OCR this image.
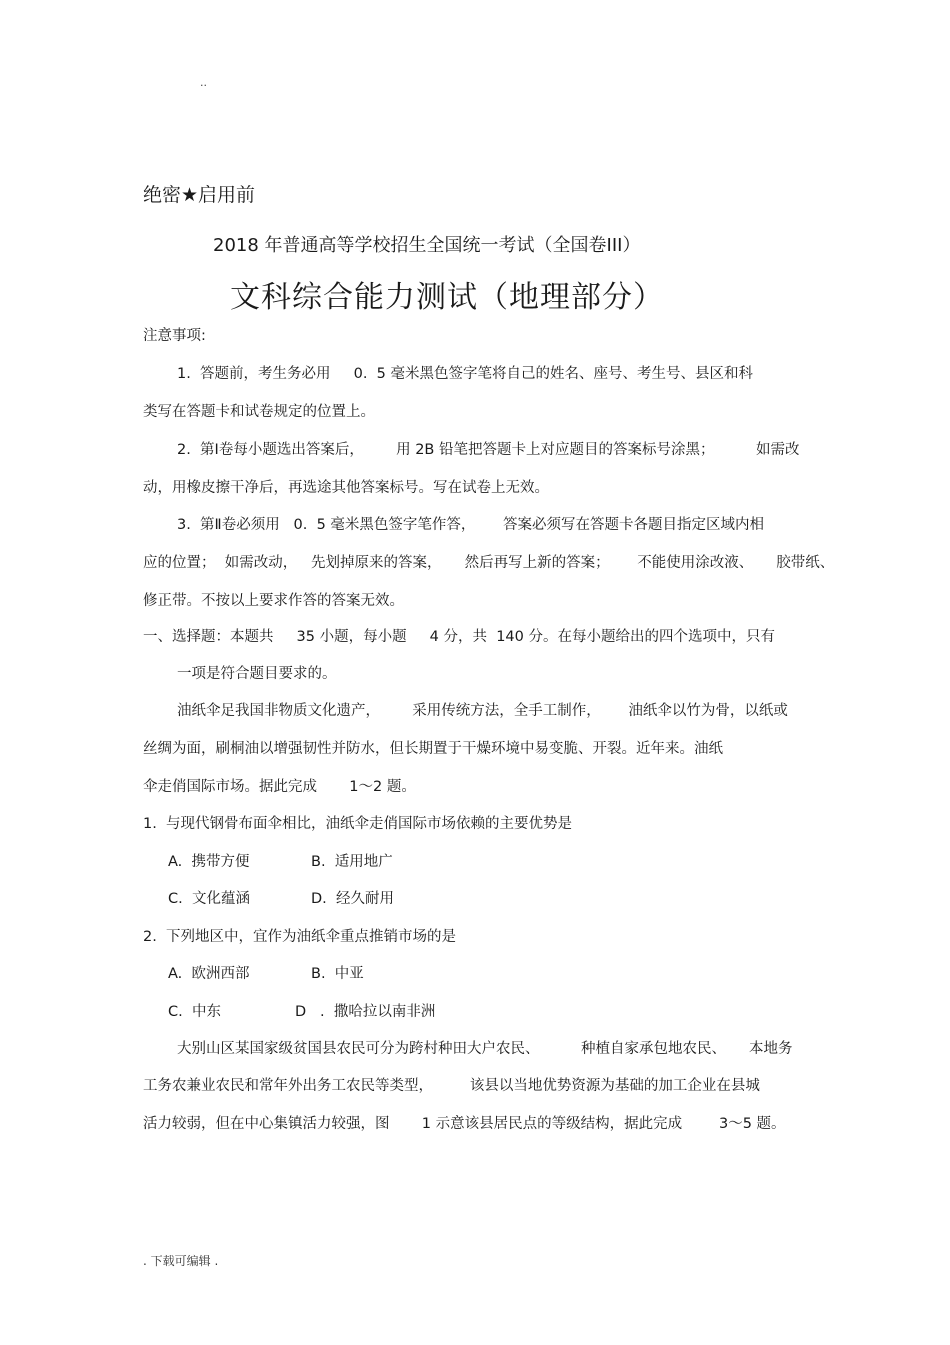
..
绝密★启用前
2018 年普通高等学校招生全国统一考试（全国卷III）
文科综合能力测试（地理部分）
注意事项:
1.  答题前，考生务必用     0.  5 毫米黑色签字笔将自己的姓名、座号、考生号、县区和科
类写在答题卡和试卷规定的位置上。
2.  第Ⅰ卷每小题选出答案后，       用 2B 铅笔把答题卡上对应题目的答案标号涂黑；         如需改
动，用橡皮擦干净后，再选途其他答案标号。写在试卷上无效。
3.  第Ⅱ卷必须用   0.  5 毫米黑色签字笔作答，      答案必须写在答题卡各题目指定区域内相
应的位置；  如需改动，   先划掉原来的答案，     然后再写上新的答案；      不能使用涂改液、     胶带纸、
修正带。不按以上要求作答的答案无效。
一、选择题：本题共     35 小题，每小题     4 分，共  140 分。在每小题给出的四个选项中，只有
一项是符合题目要求的。
油纸伞足我国非物质文化遗产，       采用传统方法，全手工制作，      油纸伞以竹为骨，以纸或
丝绸为面，刷桐油以增强韧性并防水，但长期置于干燥环境中易变脆、开裂。近年来。油纸
伞走俏国际市场。据此完成       1～2 题。
1.  与现代钢骨布面伞相比，油纸伞走俏国际市场依赖的主要优势是
A.  携带方便	B.  适用地广
C.  文化蕴涵	D.  经久耐用
2.  下列地区中，宜作为油纸伞重点推销市场的是
A.  欧洲西部	B.  中亚
C.  中东	D   .  撒哈拉以南非洲
大别山区某国家级贫国县农民可分为跨村种田大户农民、         种植自家承包地农民、     本地务
工务农兼业农民和常年外出务工农民等类型，        该县以当地优势资源为基础的加工企业在县城
活力较弱，但在中心集镇活力较强，图       1 示意该县居民点的等级结构，据此完成        3～5 题。
. 下载可编辑 .
